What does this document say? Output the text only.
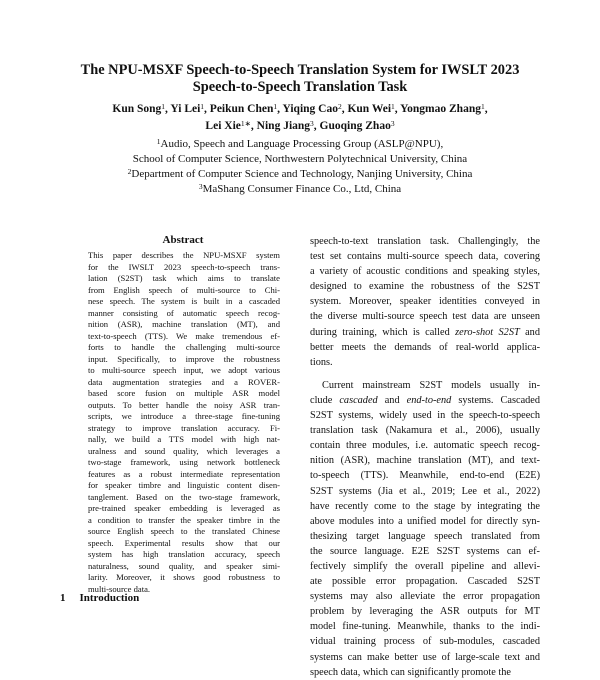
The NPU-MSXF Speech-to-Speech Translation System for IWSLT 2023
Speech-to-Speech Translation Task
Kun Song$^1$, Yi Lei$^1$, Peikun Chen$^1$, Yiqing Cao$^2$, Kun Wei$^1$, Yongmao Zhang$^1$,
Lei Xie$^{1∗}$, Ning Jiang$^3$, Guoqing Zhao$^3$
$^1$Audio, Speech and Language Processing Group (ASLP@NPU),
School of Computer Science, Northwestern Polytechnical University, China
$^2$Department of Computer Science and Technology, Nanjing University, China
$^3$MaShang Consumer Finance Co., Ltd, China
Abstract
This paper describes the NPU-MSXF system
for the IWSLT 2023 speech-to-speech trans-
lation (S2ST) task which aims to translate
from English speech of multi-source to Chi-
nese speech. The system is built in a cascaded
manner consisting of automatic speech recog-
nition (ASR), machine translation (MT), and
text-to-speech (TTS). We make tremendous ef-
forts to handle the challenging multi-source
input. Specifically, to improve the robustness
to multi-source speech input, we adopt various
data augmentation strategies and a ROVER-
based score fusion on multiple ASR model
outputs. To better handle the noisy ASR tran-
scripts, we introduce a three-stage fine-tuning
strategy to improve translation accuracy. Fi-
nally, we build a TTS model with high nat-
uralness and sound quality, which leverages a
two-stage framework, using network bottleneck
features as a robust intermediate representation
for speaker timbre and linguistic content disen-
tanglement. Based on the two-stage framework,
pre-trained speaker embedding is leveraged as
a condition to transfer the speaker timbre in the
source English speech to the translated Chinese
speech. Experimental results show that our
system has high translation accuracy, speech
naturalness, sound quality, and speaker simi-
larity. Moreover, it shows good robustness to
multi-source data.
1 Introduction
speech-to-text translation task. Challengingly, the
test set contains multi-source speech data, covering
a variety of acoustic conditions and speaking styles,
designed to examine the robustness of the S2ST
system. Moreover, speaker identities conveyed in
the diverse multi-source speech test data are unseen
during training, which is called zero-shot S2ST and
better meets the demands of real-world applica-
tions.
Current mainstream S2ST models usually in-
clude cascaded and end-to-end systems. Cascaded
S2ST systems, widely used in the speech-to-speech
translation task (Nakamura et al., 2006), usually
contain three modules, i.e. automatic speech recog-
nition (ASR), machine translation (MT), and text-
to-speech (TTS). Meanwhile, end-to-end (E2E)
S2ST systems (Jia et al., 2019; Lee et al., 2022)
have recently come to the stage by integrating the
above modules into a unified model for directly syn-
thesizing target language speech translated from
the source language. E2E S2ST systems can ef-
fectively simplify the overall pipeline and allevi-
ate possible error propagation. Cascaded S2ST
systems may also alleviate the error propagation
problem by leveraging the ASR outputs for MT
model fine-tuning. Meanwhile, thanks to the indi-
vidual training process of sub-modules, cascaded
systems can make better use of large-scale text and
speech data, which can significantly promote the
